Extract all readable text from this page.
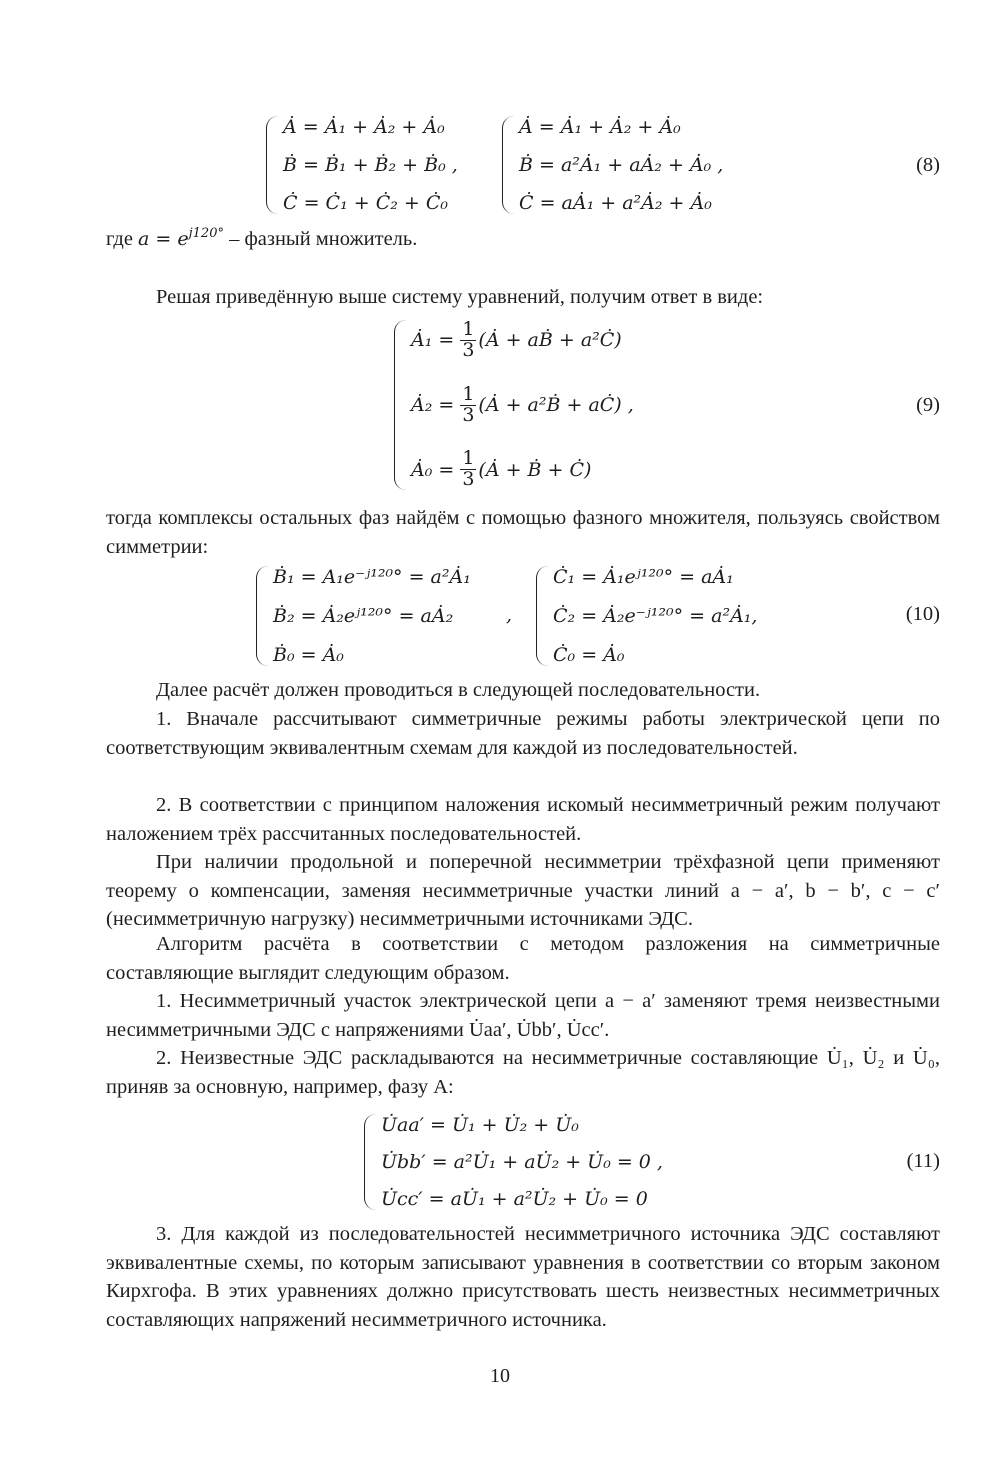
Ȧ = Ȧ₁ + Ȧ₂ + Ȧ₀
Ḃ = Ḃ₁ + Ḃ₂ + Ḃ₀ ,
Ċ = Ċ₁ + Ċ₂ + Ċ₀
Ȧ = Ȧ₁ + Ȧ₂ + Ȧ₀
Ḃ = a²Ȧ₁ + aȦ₂ + Ȧ₀ ,
Ċ = aȦ₁ + a²Ȧ₂ + Ȧ₀
(8)
где $a = e^{j120^\circ}$ – фазный множитель.

Решая приведённую выше систему уравнений, получим ответ в виде:

Ȧ₁ = $\frac{1}{3}$ (Ȧ + aḂ + a²Ċ)
Ȧ₂ = $\frac{1}{3}$ (Ȧ + a²Ḃ + aĊ) ,
Ȧ₀ = $\frac{1}{3}$ (Ȧ + Ḃ + Ċ)
(9)

тогда комплексы остальных фаз найдём с помощью фазного множителя, пользуясь свойством симметрии:

Ḃ₁ = A₁e⁻ʲ¹²⁰° = a²Ȧ₁
Ḃ₂ = Ȧ₂eʲ¹²⁰° = aȦ₂
Ḃ₀ = Ȧ₀
,
Ċ₁ = Ȧ₁eʲ¹²⁰° = aȦ₁
Ċ₂ = Ȧ₂e⁻ʲ¹²⁰° = a²Ȧ₁,
Ċ₀ = Ȧ₀
(10)

Далее расчёт должен проводиться в следующей последовательности.

1. Вначале рассчитывают симметричные режимы работы электрической цепи по соответствующим эквивалентным схемам для каждой из последовательностей.

2. В соответствии с принципом наложения искомый несимметричный режим получают наложением трёх рассчитанных последовательностей.

При наличии продольной и поперечной несимметрии трёхфазной цепи применяют теорему о компенсации, заменяя несимметричные участки линий a − a′, b − b′, c − c′ (несимметричную нагрузку) несимметричными источниками ЭДС.

Алгоритм расчёта в соответствии с методом разложения на симметричные составляющие выглядит следующим образом.

1. Несимметричный участок электрической цепи a − a′ заменяют тремя неизвестными несимметричными ЭДС с напряжениями U̇aa′, U̇bb′, U̇cc′.

2. Неизвестные ЭДС раскладываются на несимметричные составляющие U̇₁, U̇₂ и U̇₀, приняв за основную, например, фазу A:

U̇aa′ = U̇₁ + U̇₂ + U̇₀
U̇bb′ = a²U̇₁ + aU̇₂ + U̇₀ = 0 ,
U̇cc′ = aU̇₁ + a²U̇₂ + U̇₀ = 0
(11)

3. Для каждой из последовательностей несимметричного источника ЭДС составляют эквивалентные схемы, по которым записывают уравнения в соответствии со вторым законом Кирхгофа. В этих уравнениях должно присутствовать шесть неизвестных несимметричных составляющих напряжений несимметричного источника.

10
